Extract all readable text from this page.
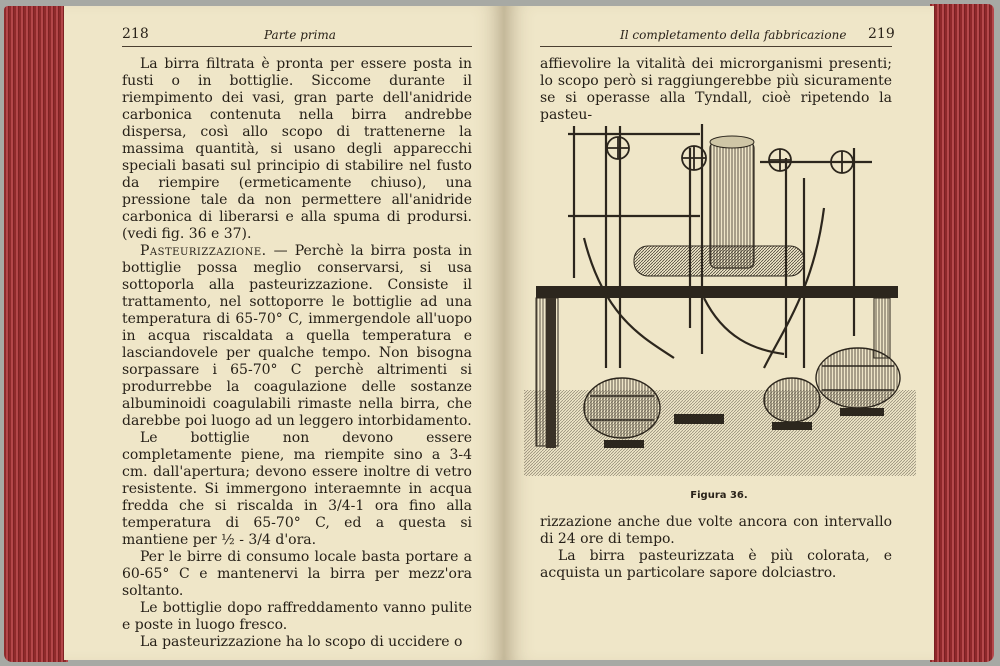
218	Parte prima

La birra filtrata è pronta per essere posta in fusti o in bottiglie. Siccome durante il riempimento dei vasi, gran parte dell'anidride carbonica contenuta nella birra andrebbe dispersa, così allo scopo di trattenerne la massima quantità, si usano degli apparecchi speciali basati sul principio di stabilire nel fusto da riempire (ermeticamente chiuso), una pressione tale da non permettere all'anidride carbonica di liberarsi e alla spuma di prodursi. (vedi fig. 36 e 37).

Pasteurizzazione. — Perchè la birra posta in bottiglie possa meglio conservarsi, si usa sottoporla alla pasteurizzazione. Consiste il trattamento, nel sottoporre le bottiglie ad una temperatura di 65-70° C, immergendole all'uopo in acqua riscaldata a quella temperatura e lasciandovele per qualche tempo. Non bisogna sorpassare i 65-70° C perchè altrimenti si produrrebbe la coagulazione delle sostanze albuminoidi coagulabili rimaste nella birra, che darebbe poi luogo ad un leggero intorbidamento.

Le bottiglie non devono essere completamente piene, ma riempite sino a 3-4 cm. dall'apertura; devono essere inoltre di vetro resistente. Si immergono interaemnte in acqua fredda che si riscalda in 3/4-1 ora fino alla temperatura di 65-70° C, ed a questa si mantiene per ½ - 3/4 d'ora.

Per le birre di consumo locale basta portare a 60-65° C e mantenervi la birra per mezz'ora soltanto.

Le bottiglie dopo raffreddamento vanno pulite e poste in luogo fresco.

La pasteurizzazione ha lo scopo di uccidere o

Il completamento della fabbricazione 219

affievolire la vitalità dei microrganismi presenti; lo scopo però si raggiungerebbe più sicuramente se si operasse alla Tyndall, cioè ripetendo la pasteu-

Figura 36.

rizzazione anche due volte ancora con intervallo di 24 ore di tempo.

La birra pasteurizzata è più colorata, e acquista un particolare sapore dolciastro.
